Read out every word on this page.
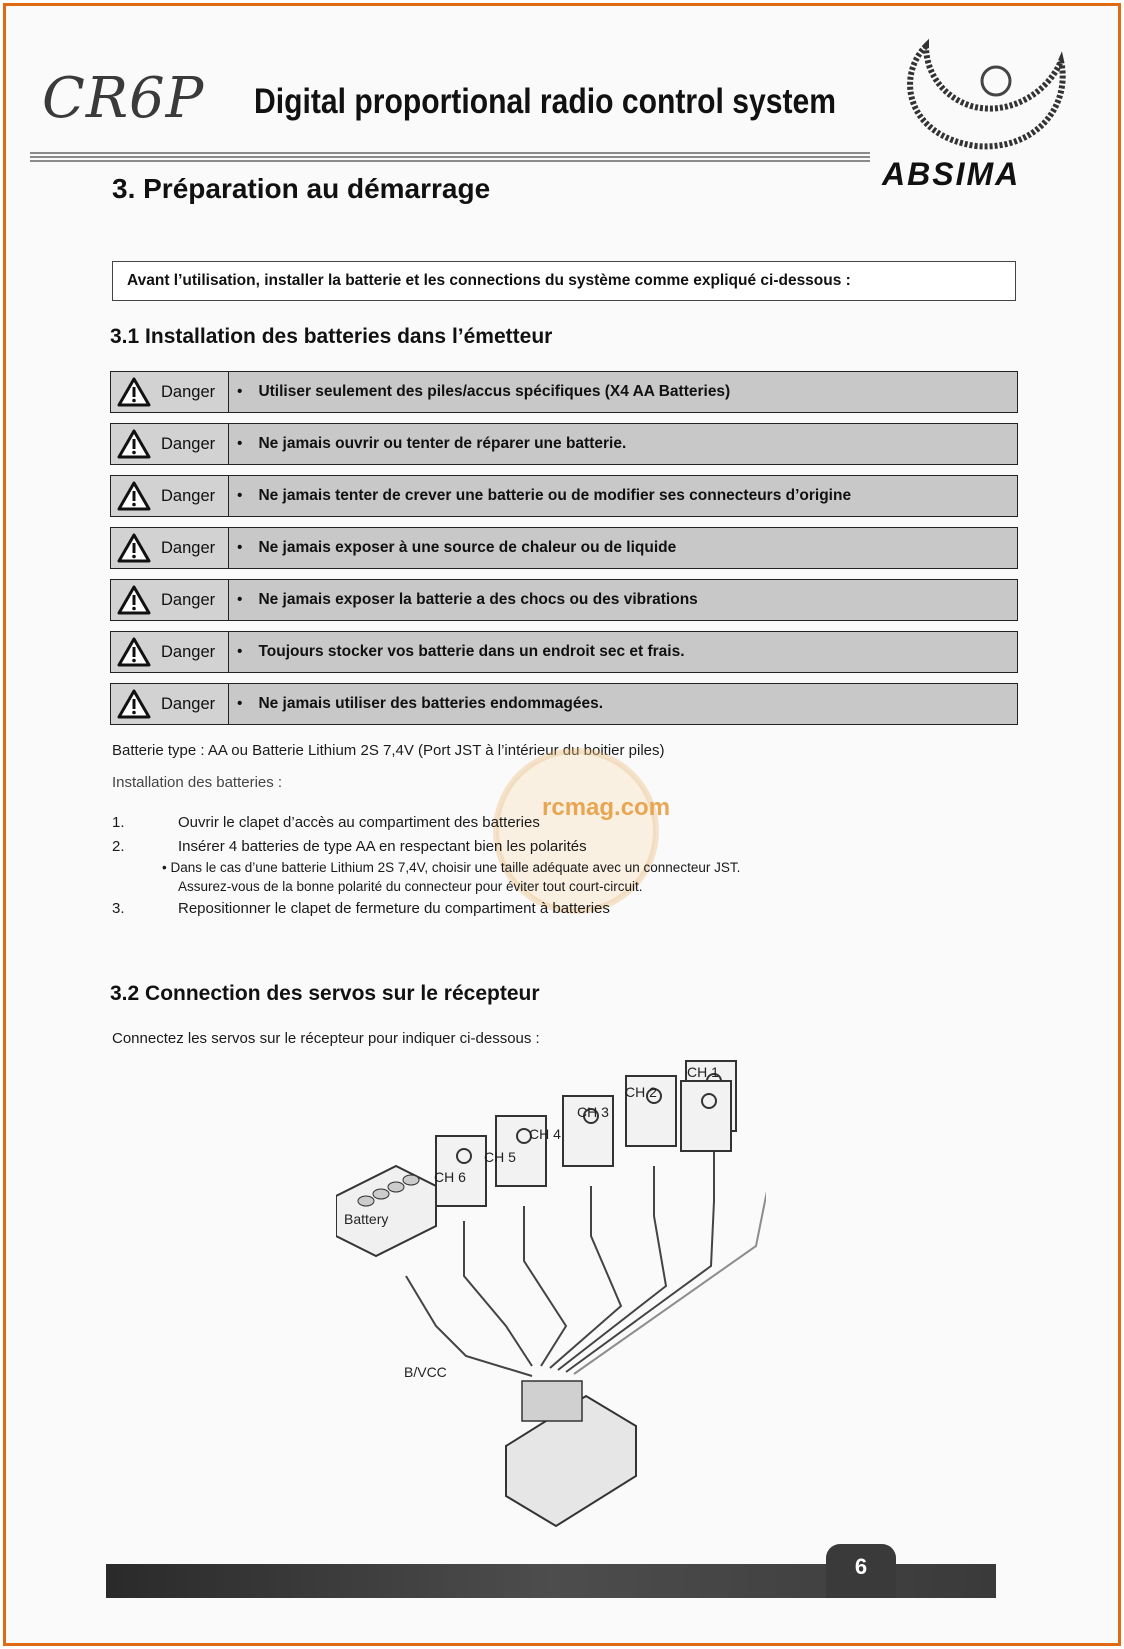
CR6P Digital proportional radio control system
ABSIMA
3. Préparation au démarrage
Avant l’utilisation, installer la batterie et les connections du système comme expliqué ci-dessous :
3.1 Installation des batteries dans l’émetteur
Danger	• Utiliser seulement des piles/accus spécifiques (X4 AA Batteries)
Danger	• Ne jamais ouvrir ou tenter de réparer une batterie.
Danger	• Ne jamais tenter de crever une batterie ou de modifier ses connecteurs d’origine
Danger	• Ne jamais exposer à une source de chaleur ou de liquide
Danger	• Ne jamais exposer la batterie a des chocs ou des vibrations
Danger	• Toujours stocker vos batterie dans un endroit sec et frais.
Danger	• Ne jamais utiliser des batteries endommagées.
Batterie type : AA ou Batterie Lithium 2S 7,4V (Port JST à l’intérieur du boitier piles)
Installation des batteries :
rcmag.com
1.	Ouvrir le clapet d’accès au compartiment des batteries
2.	Insérer 4 batteries de type AA en respectant bien les polarités
• Dans le cas d’une batterie Lithium 2S 7,4V, choisir une taille adéquate avec un connecteur JST.
Assurez-vous de la bonne polarité du connecteur pour éviter tout court-circuit.
3.	Repositionner le clapet de fermeture du compartiment à batteries
3.2 Connection des servos sur le récepteur
Connectez les servos sur le récepteur pour indiquer ci-dessous :
Battery
B/VCC
CH 6
CH 5
CH 4
CH 3
CH 2
CH 1
6
